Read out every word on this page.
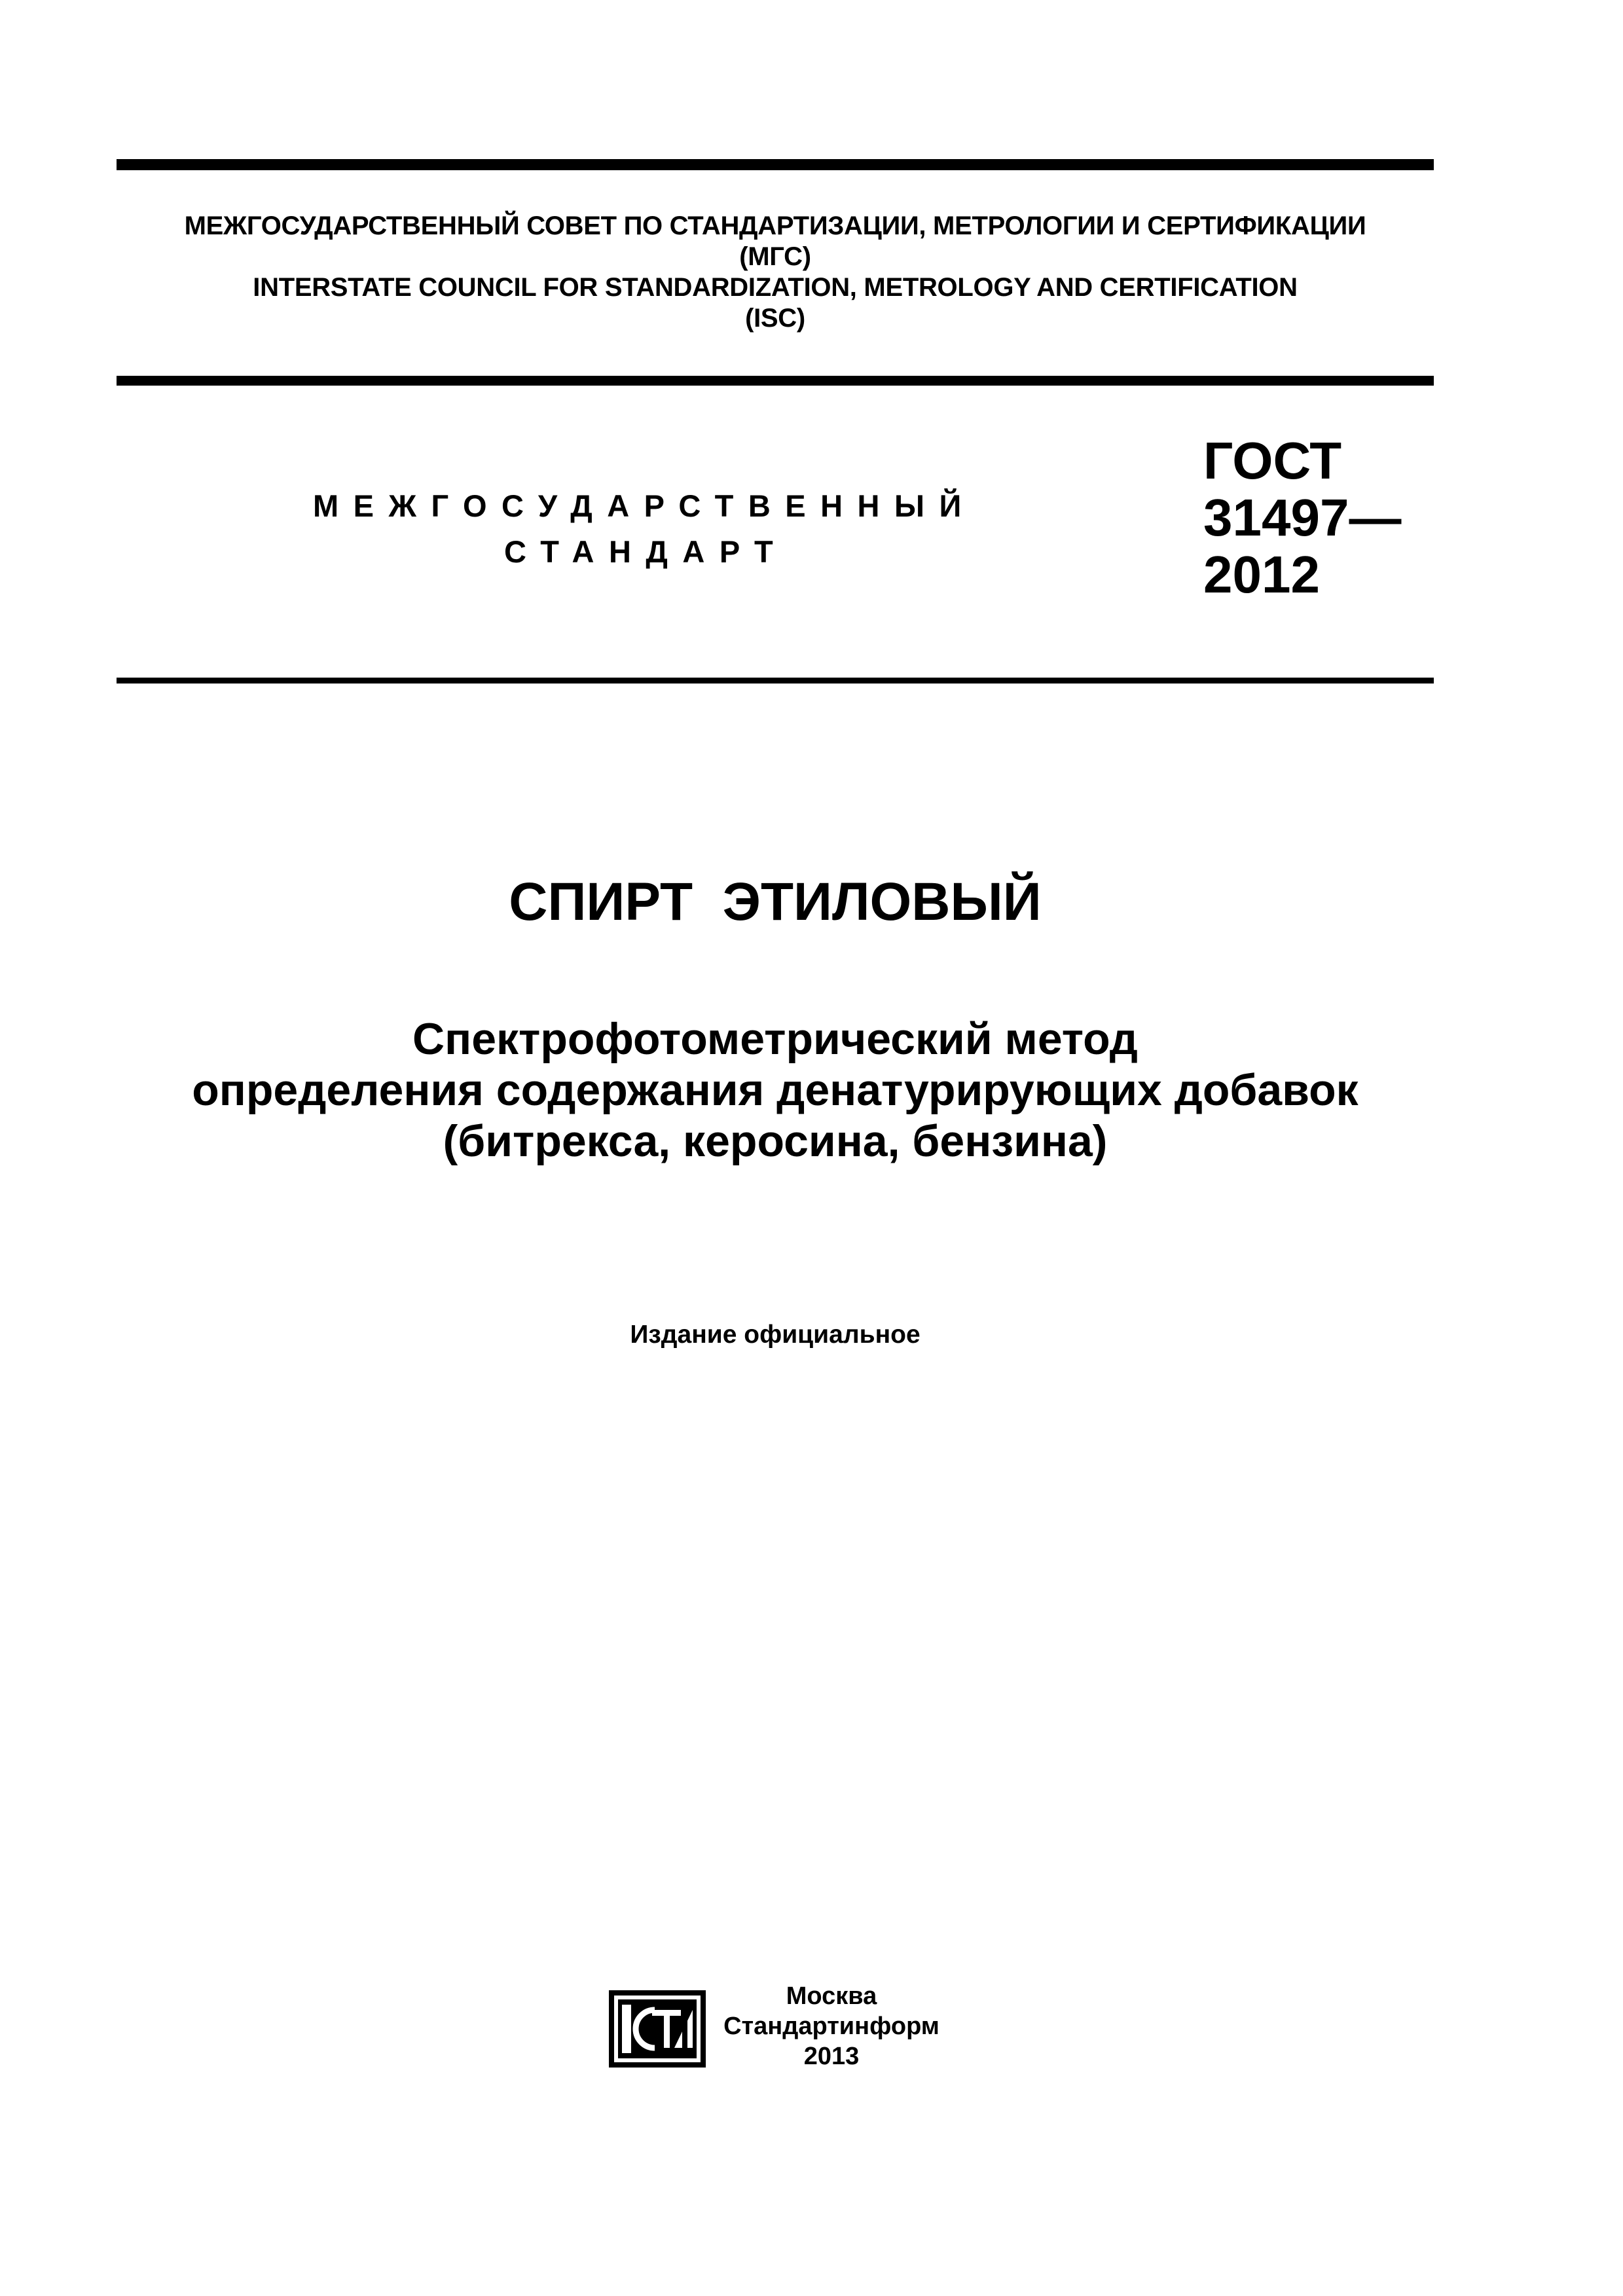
МЕЖГОСУДАРСТВЕННЫЙ СОВЕТ ПО СТАНДАРТИЗАЦИИ, МЕТРОЛОГИИ И СЕРТИФИКАЦИИ
(МГС)
INTERSTATE COUNCIL FOR STANDARDIZATION, METROLOGY AND CERTIFICATION
(ISC)
МЕЖГОСУДАРСТВЕННЫЙ
СТАНДАРТ
ГОСТ
31497—
2012
СПИРТ  ЭТИЛОВЫЙ
Спектрофотометрический метод
определения содержания денатурирующих добавок
(битрекса, керосина, бензина)
Издание официальное
Москва
Стандартинформ
2013
